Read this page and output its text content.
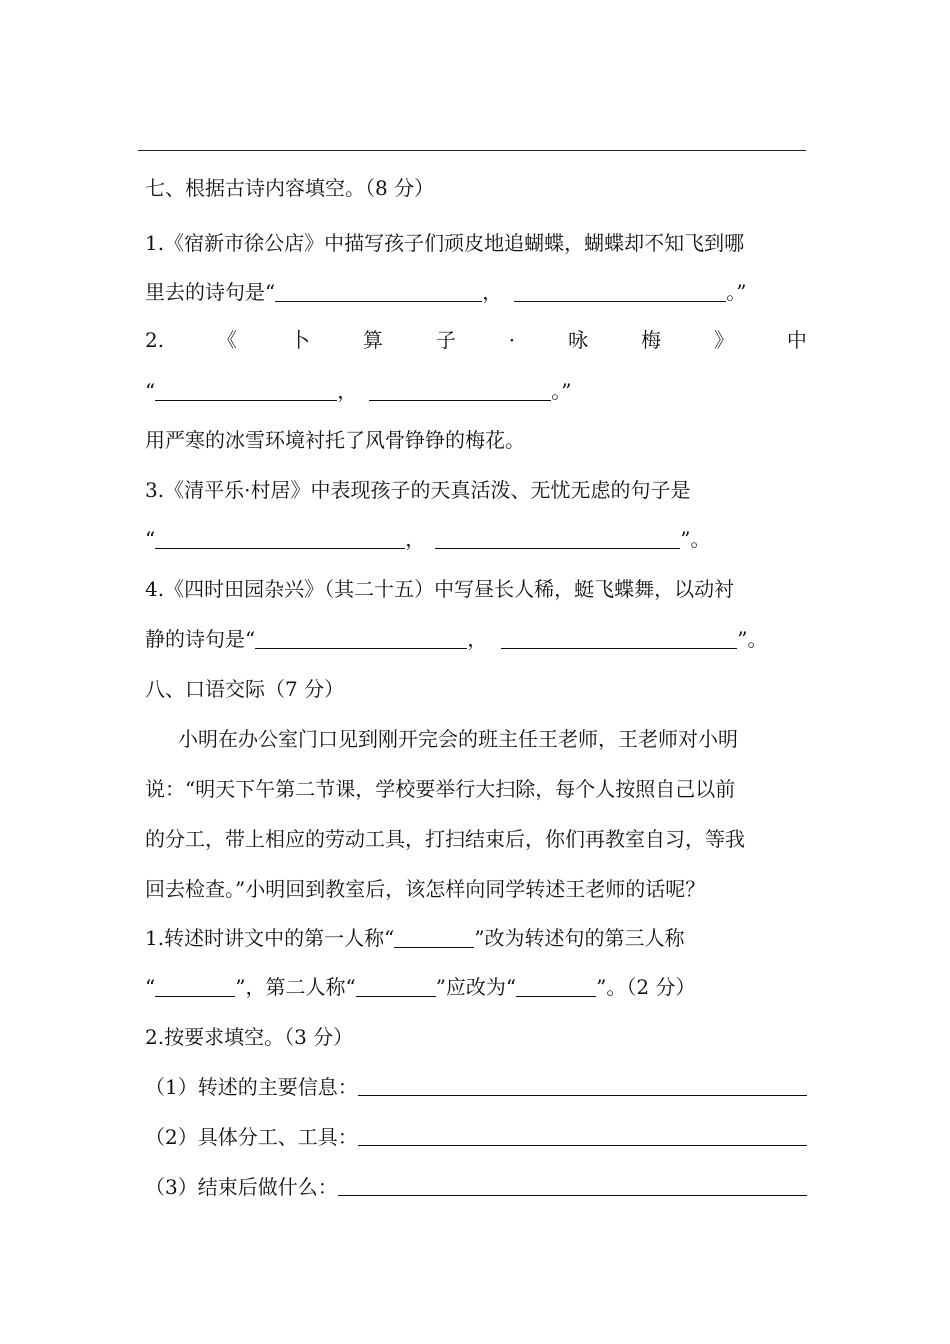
七、根据古诗内容填空。（8 分）
1.《宿新市徐公店》中描写孩子们顽皮地追蝴蝶，蝴蝶却不知飞到哪
里去的诗句是“	，	。”
2.	《	卜	算	子	·	咏	梅	》	中
“	，	。”
用严寒的冰雪环境衬托了风骨铮铮的梅花。
3.《清平乐·村居》中表现孩子的天真活泼、无忧无虑的句子是
“	，	”。
4.《四时田园杂兴》（其二十五）中写昼长人稀，蜓飞蝶舞，以动衬
静的诗句是“	，	”。
八、口语交际（7 分）
小明在办公室门口见到刚开完会的班主任王老师，王老师对小明
说：“明天下午第二节课，学校要举行大扫除，每个人按照自己以前
的分工，带上相应的劳动工具，打扫结束后，你们再教室自习，等我
回去检查。”小明回到教室后，该怎样向同学转述王老师的话呢？
1.转述时讲文中的第一人称“	”改为转述句的第三人称
“	”，第二人称“	”应改为“	”。（2 分）
2.按要求填空。（3 分）
（1）转述的主要信息：
（2）具体分工、工具：
（3）结束后做什么：
